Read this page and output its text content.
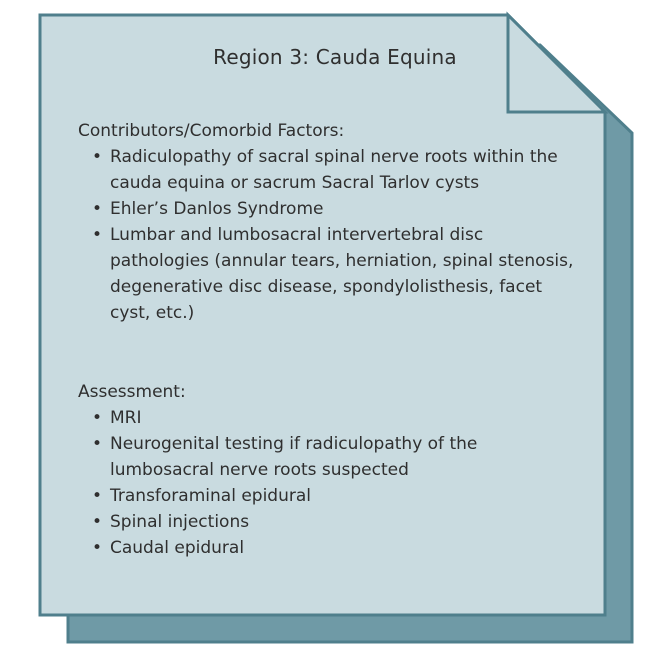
Region 3: Cauda Equina

Contributors/Comorbid Factors:

• Radiculopathy of sacral spinal nerve roots within the cauda equina or sacrum Sacral Tarlov cysts
• Ehler’s Danlos Syndrome
• Lumbar and lumbosacral intervertebral disc pathologies (annular tears, herniation, spinal stenosis, degenerative disc disease, spondylolisthesis, facet cyst, etc.)

Assessment:

• MRI
• Neurogenital testing if radiculopathy of the lumbosacral nerve roots suspected
• Transforaminal epidural
• Spinal injections
• Caudal epidural
